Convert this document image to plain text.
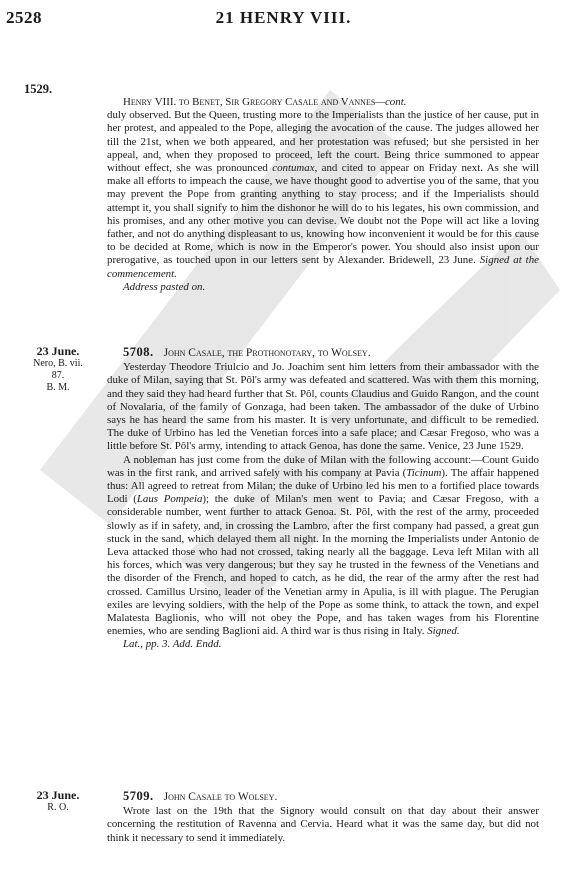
2528	21 HENRY VIII.
1529.

Henry VIII. to Benet, Sir Gregory Casale and Vannes—cont.

duly observed. But the Queen, trusting more to the Imperialists than the justice of her cause, put in her protest, and appealed to the Pope, alleging the avocation of the cause. The judges allowed her till the 21st, when we both appeared, and her protestation was refused; but she persisted in her appeal, and, when they proposed to proceed, left the court. Being thrice summoned to appear without effect, she was pronounced contumax, and cited to appear on Friday next. As she will make all efforts to impeach the cause, we have thought good to advertise you of the same, that you may prevent the Pope from granting anything to stay process; and if the Imperialists should attempt it, you shall signify to him the dishonor he will do to his legates, his own commission, and his promises, and any other motive you can devise. We doubt not the Pope will act like a loving father, and not do anything displeasant to us, knowing how inconvenient it would be for this cause to be decided at Rome, which is now in the Emperor's power. You should also insist upon our prerogative, as touched upon in our letters sent by Alexander. Bridewell, 23 June. Signed at the commencement.

Address pasted on.

23 June.
Nero, B. vii.
87.
B. M.

5708. John Casale, the Prothonotary, to Wolsey.

Yesterday Theodore Triulcio and Jo. Joachim sent him letters from their ambassador with the duke of Milan, saying that St. Pôl's army was defeated and scattered. Was with them this morning, and they said they had heard further that St. Pôl, counts Claudius and Guido Rangon, and the count of Novalaria, of the family of Gonzaga, had been taken. The ambassador of the duke of Urbino says he has heard the same from his master. It is very unfortunate, and difficult to be remedied. The duke of Urbino has led the Venetian forces into a safe place; and Cæsar Fregoso, who was a little before St. Pôl's army, intending to attack Genoa, has done the same. Venice, 23 June 1529.

A nobleman has just come from the duke of Milan with the following account:—Count Guido was in the first rank, and arrived safely with his company at Pavia (Ticinum). The affair happened thus: All agreed to retreat from Milan; the duke of Urbino led his men to a fortified place towards Lodi (Laus Pompeia); the duke of Milan's men went to Pavia; and Cæsar Fregoso, with a considerable number, went further to attack Genoa. St. Pôl, with the rest of the army, proceeded slowly as if in safety, and, in crossing the Lambro, after the first company had passed, a great gun stuck in the sand, which delayed them all night. In the morning the Imperialists under Antonio de Leva attacked those who had not crossed, taking nearly all the baggage. Leva left Milan with all his forces, which was very dangerous; but they say he trusted in the fewness of the Venetians and the disorder of the French, and hoped to catch, as he did, the rear of the army after the rest had crossed. Camillus Ursino, leader of the Venetian army in Apulia, is ill with plague. The Perugian exiles are levying soldiers, with the help of the Pope as some think, to attack the town, and expel Malatesta Baglionis, who will not obey the Pope, and has taken wages from his Florentine enemies, who are sending Baglioni aid. A third war is thus rising in Italy. Signed.

Lat., pp. 3. Add. Endd.

23 June.
R. O.

5709. John Casale to Wolsey.

Wrote last on the 19th that the Signory would consult on that day about their answer concerning the restitution of Ravenna and Cervia. Heard what it was the same day, but did not think it necessary to send it immediately.
